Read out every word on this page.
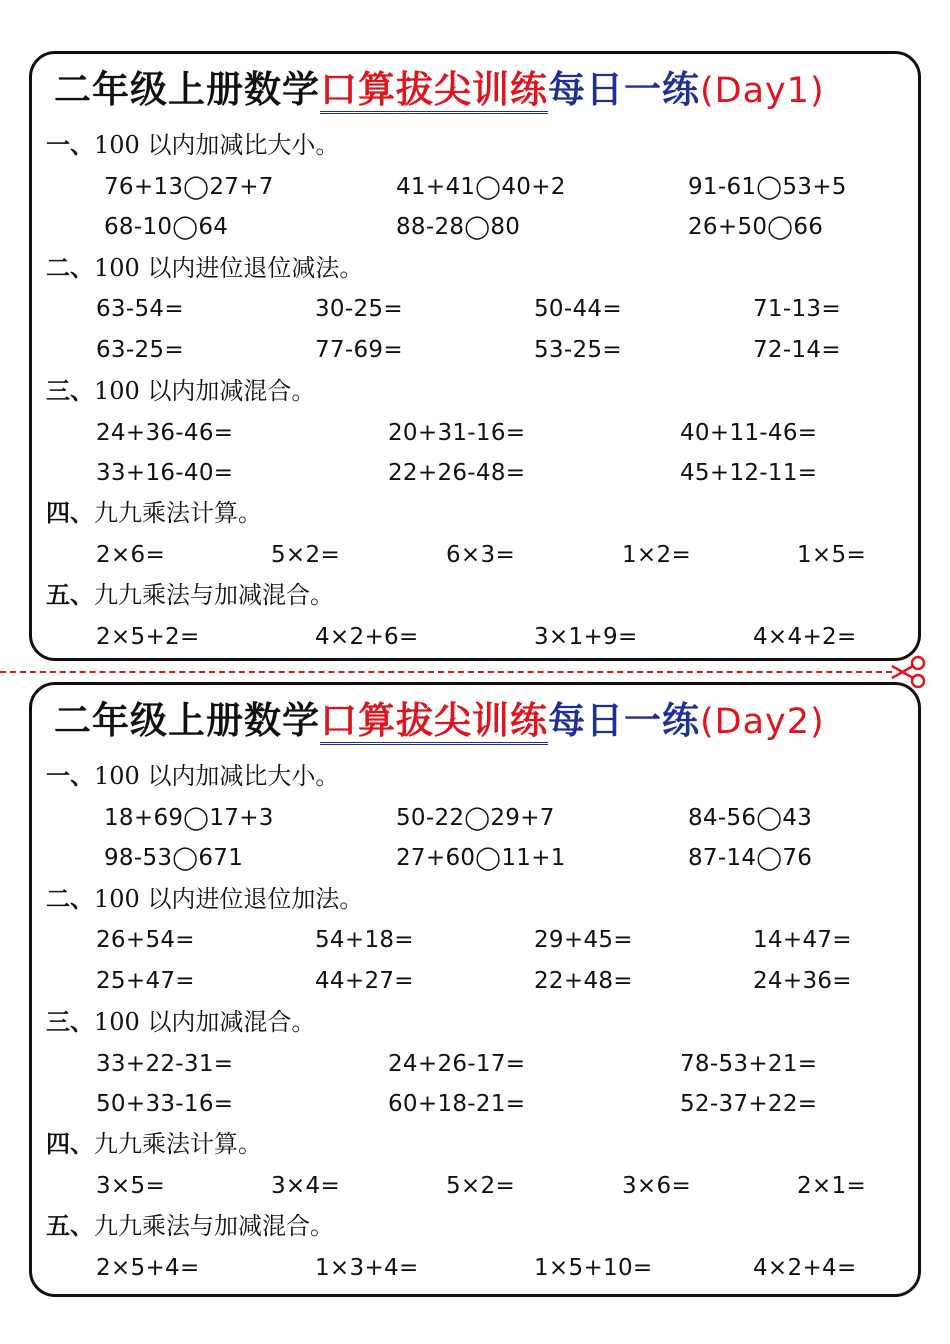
二年级上册数学口算拔尖训练每日一练(Day1)
一、100 以内加减比大小。
76+13◯27+7	41+41◯40+2	91-61◯53+5
68-10◯64	88-28◯80	26+50◯66
二、100 以内进位退位减法。
63-54=	30-25=	50-44=	71-13=
63-25=	77-69=	53-25=	72-14=
三、100 以内加减混合。
24+36-46=	20+31-16=	40+11-46=
33+16-40=	22+26-48=	45+12-11=
四、九九乘法计算。
2×6=	5×2=	6×3=	1×2=	1×5=
五、九九乘法与加减混合。
2×5+2=	4×2+6=	3×1+9=	4×4+2=
二年级上册数学口算拔尖训练每日一练(Day2)
一、100 以内加减比大小。
18+69◯17+3	50-22◯29+7	84-56◯43
98-53◯671	27+60◯11+1	87-14◯76
二、100 以内进位退位加法。
26+54=	54+18=	29+45=	14+47=
25+47=	44+27=	22+48=	24+36=
三、100 以内加减混合。
33+22-31=	24+26-17=	78-53+21=
50+33-16=	60+18-21=	52-37+22=
四、九九乘法计算。
3×5=	3×4=	5×2=	3×6=	2×1=
五、九九乘法与加减混合。
2×5+4=	1×3+4=	1×5+10=	4×2+4=
